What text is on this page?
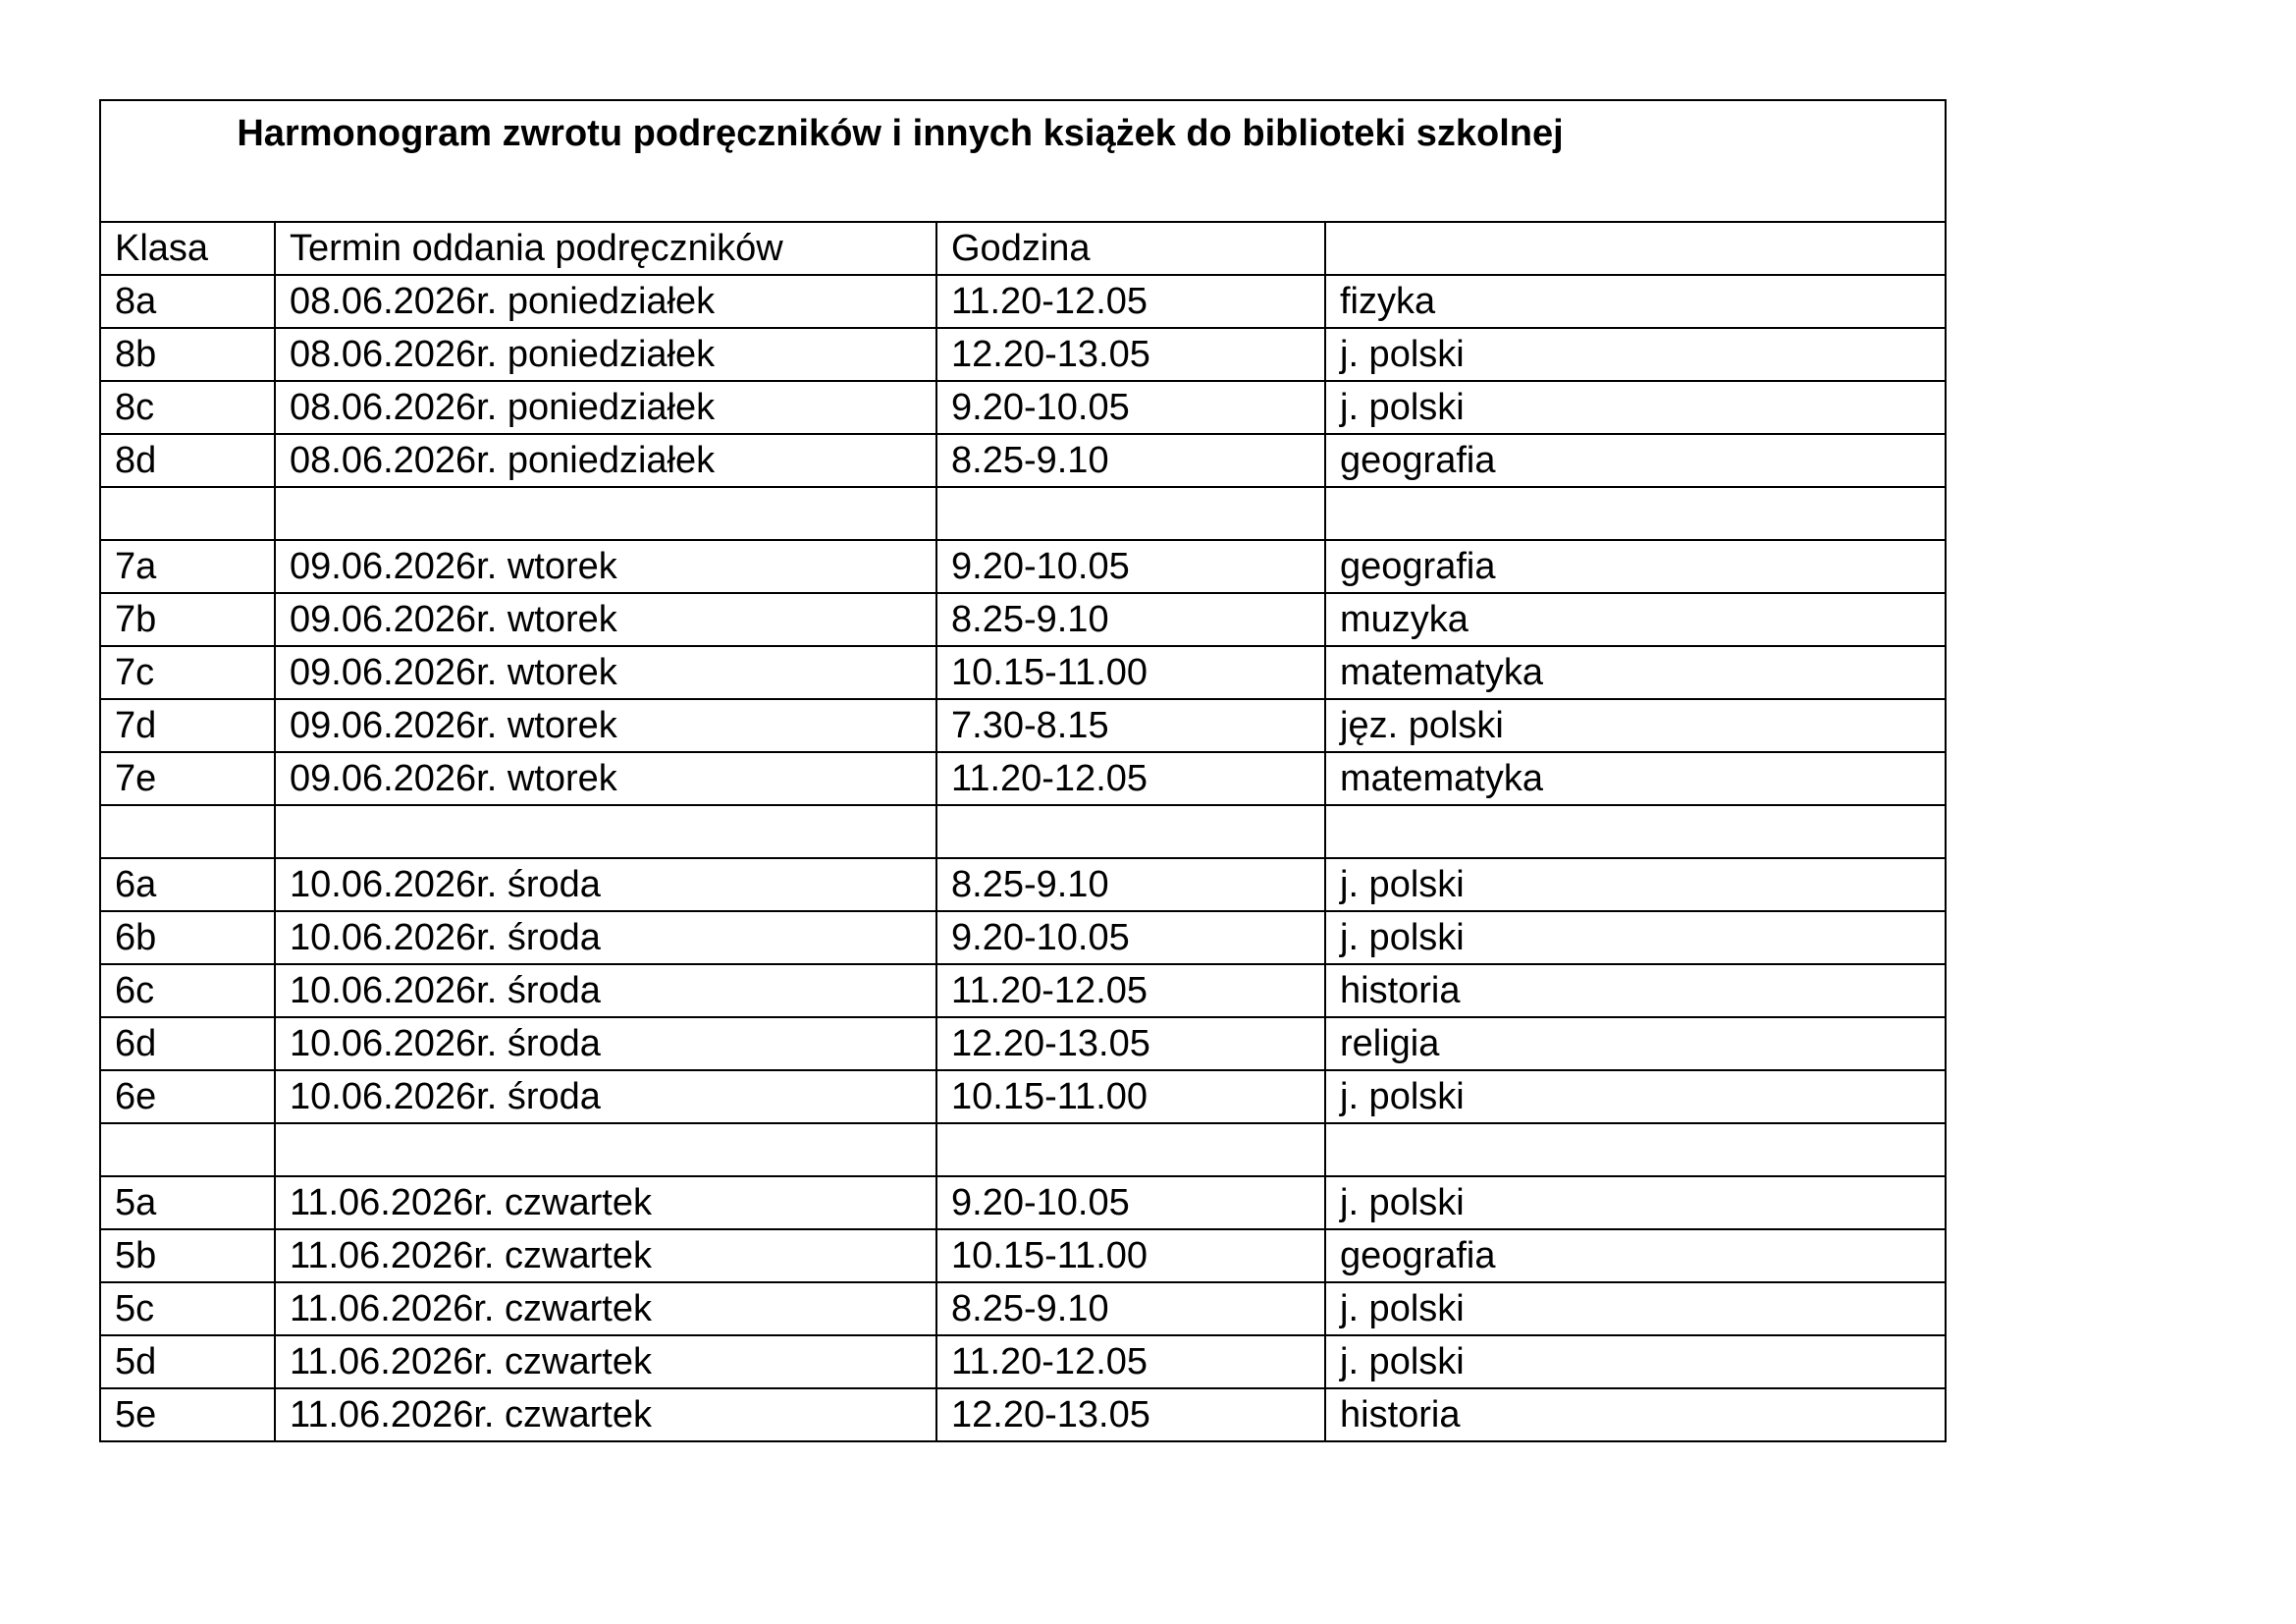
Harmonogram zwrotu podręczników i innych książek do biblioteki szkolnej			

Klasa	Termin oddania podręczników	Godzina	
8a	08.06.2026r. poniedziałek	11.20-12.05	fizyka
8b	08.06.2026r. poniedziałek	12.20-13.05	j. polski
8c	08.06.2026r. poniedziałek	9.20-10.05	j. polski
8d	08.06.2026r. poniedziałek	8.25-9.10	geografia

7a	09.06.2026r. wtorek	9.20-10.05	geografia
7b	09.06.2026r. wtorek	8.25-9.10	muzyka
7c	09.06.2026r. wtorek	10.15-11.00	matematyka
7d	09.06.2026r. wtorek	7.30-8.15	jęz. polski
7e	09.06.2026r. wtorek	11.20-12.05	matematyka

6a	10.06.2026r. środa	8.25-9.10	j. polski
6b	10.06.2026r. środa	9.20-10.05	j. polski
6c	10.06.2026r. środa	11.20-12.05	historia
6d	10.06.2026r. środa	12.20-13.05	religia
6e	10.06.2026r. środa	10.15-11.00	j. polski

5a	11.06.2026r. czwartek	9.20-10.05	j. polski
5b	11.06.2026r. czwartek	10.15-11.00	geografia
5c	11.06.2026r. czwartek	8.25-9.10	j. polski
5d	11.06.2026r. czwartek	11.20-12.05	j. polski
5e	11.06.2026r. czwartek	12.20-13.05	historia
